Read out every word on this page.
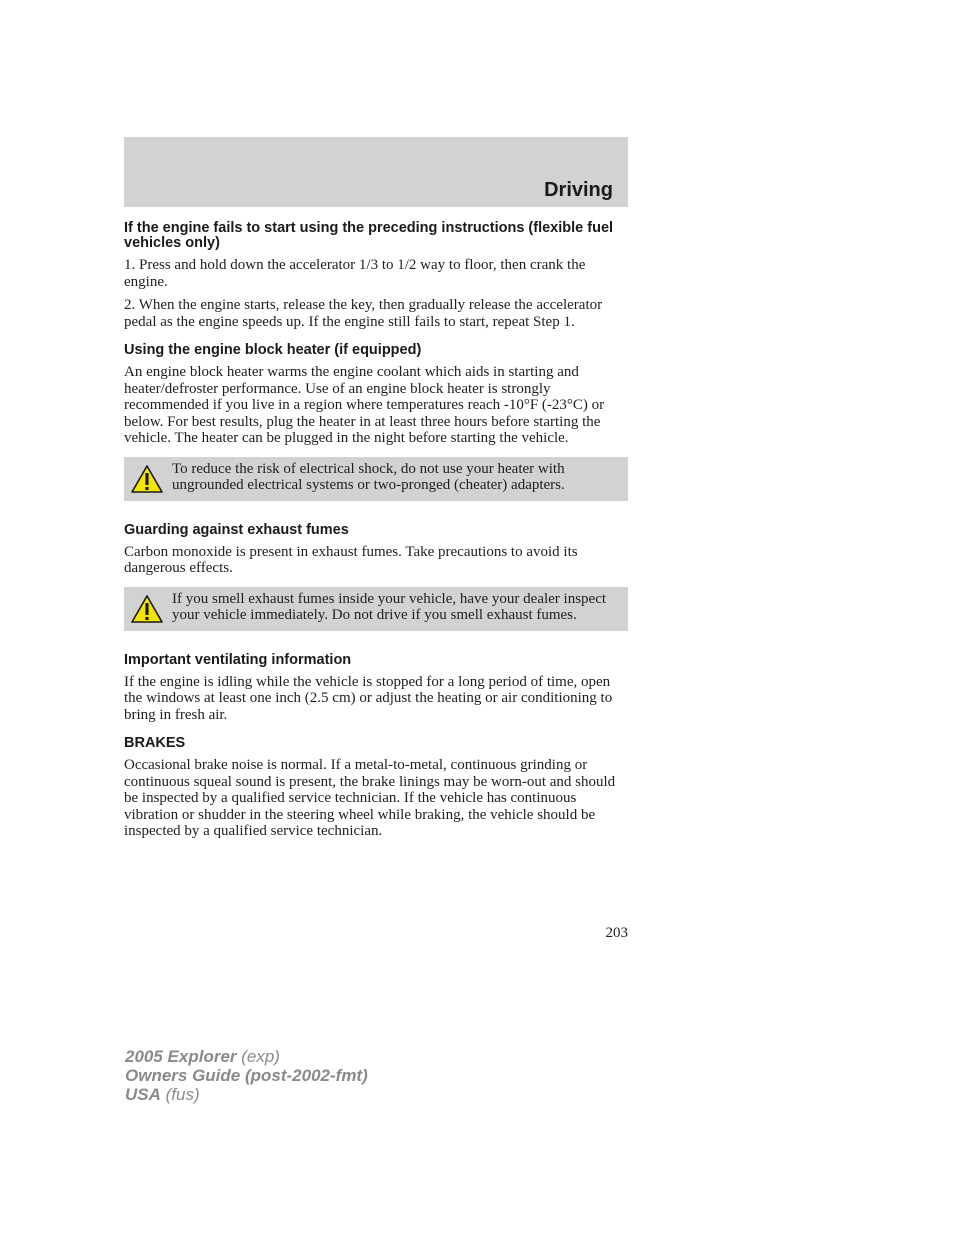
Driving
If the engine fails to start using the preceding instructions (flexible fuel vehicles only)

1. Press and hold down the accelerator 1/3 to 1/2 way to floor, then crank the engine.

2. When the engine starts, release the key, then gradually release the accelerator pedal as the engine speeds up. If the engine still fails to start, repeat Step 1.

Using the engine block heater (if equipped)

An engine block heater warms the engine coolant which aids in starting and heater/defroster performance. Use of an engine block heater is strongly recommended if you live in a region where temperatures reach -10°F (-23°C) or below. For best results, plug the heater in at least three hours before starting the vehicle. The heater can be plugged in the night before starting the vehicle.

To reduce the risk of electrical shock, do not use your heater with ungrounded electrical systems or two-pronged (cheater) adapters.
Guarding against exhaust fumes

Carbon monoxide is present in exhaust fumes. Take precautions to avoid its dangerous effects.

If you smell exhaust fumes inside your vehicle, have your dealer inspect your vehicle immediately. Do not drive if you smell exhaust fumes.
Important ventilating information

If the engine is idling while the vehicle is stopped for a long period of time, open the windows at least one inch (2.5 cm) or adjust the heating or air conditioning to bring in fresh air.

BRAKES

Occasional brake noise is normal. If a metal-to-metal, continuous grinding or continuous squeal sound is present, the brake linings may be worn-out and should be inspected by a qualified service technician. If the vehicle has continuous vibration or shudder in the steering wheel while braking, the vehicle should be inspected by a qualified service technician.

203
2005 Explorer (exp)
Owners Guide (post-2002-fmt)
USA (fus)
